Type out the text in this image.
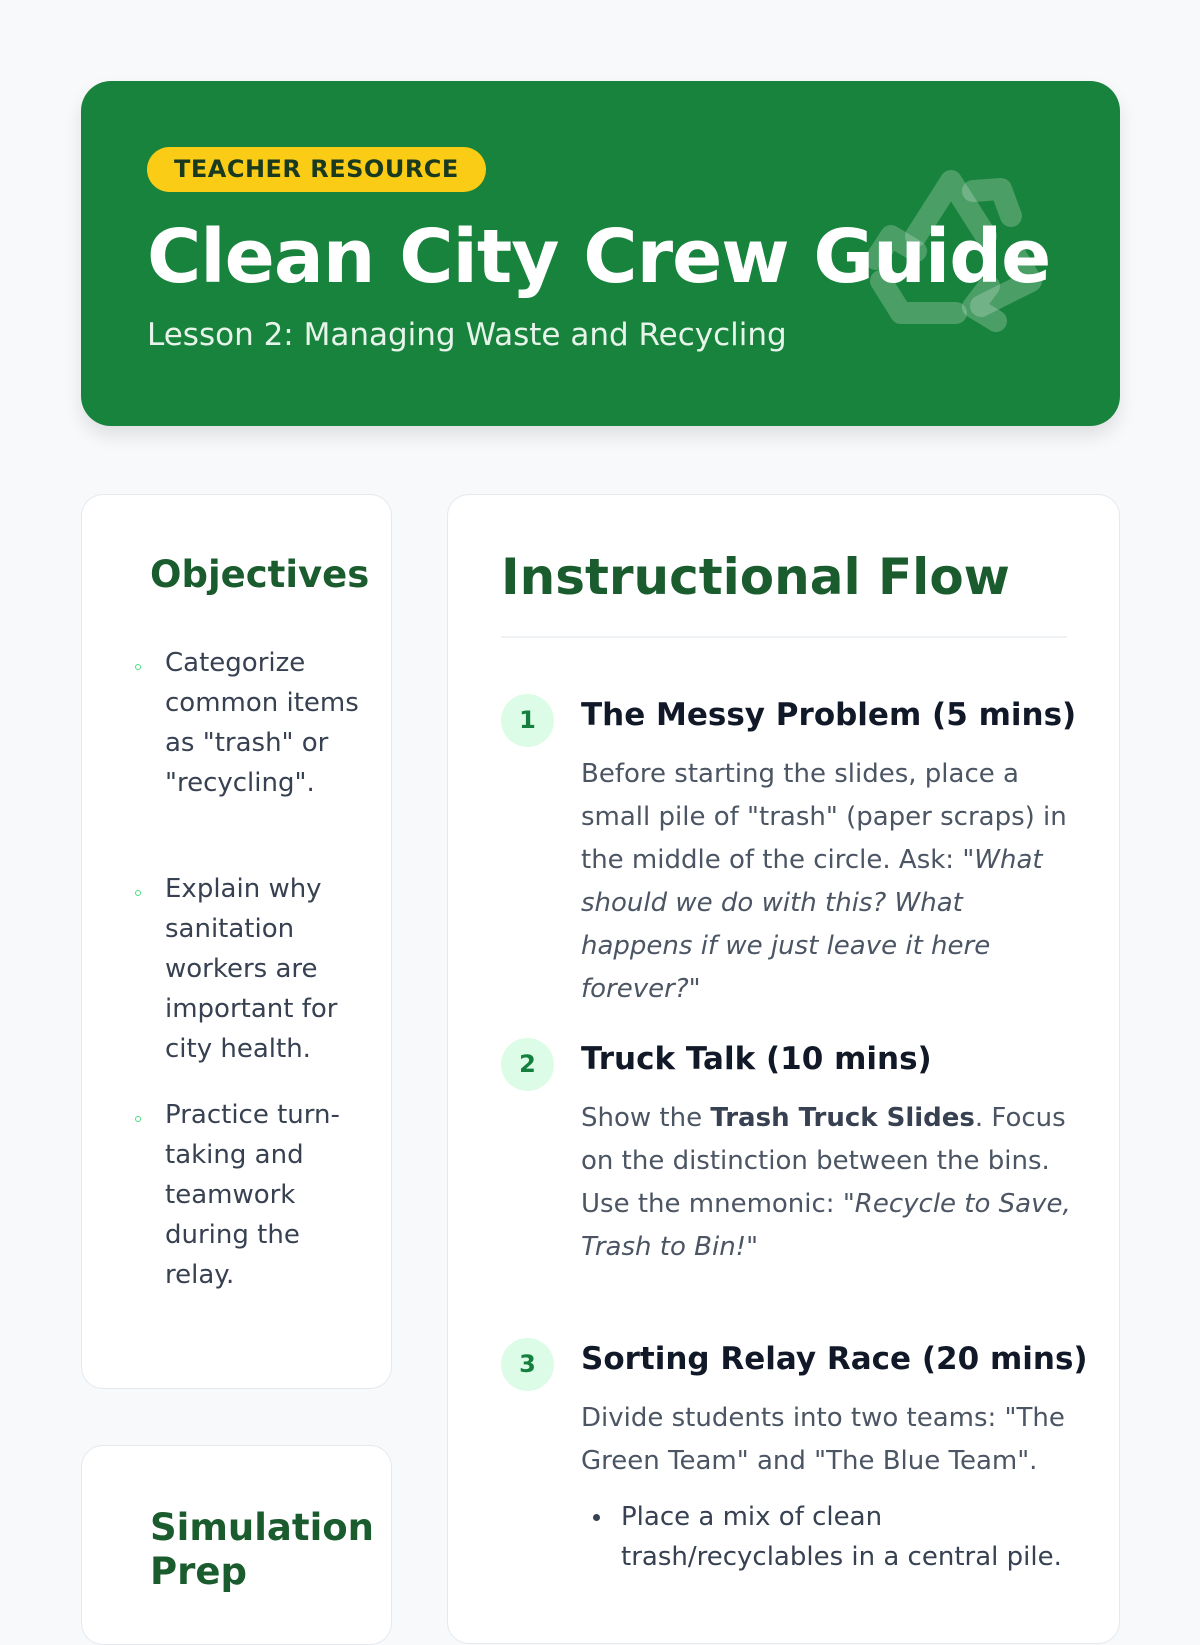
TEACHER RESOURCE
Clean City Crew Guide
Lesson 2: Managing Waste and Recycling
Objectives
Categorize common items as "trash" or "recycling".
Explain why sanitation workers are important for city health.
Practice turn-taking and teamwork during the relay.
Simulation Prep
Instructional Flow
1	The Messy Problem (5 mins)
Before starting the slides, place a small pile of "trash" (paper scraps) in the middle of the circle. Ask: "What should we do with this? What happens if we just leave it here forever?"
2	Truck Talk (10 mins)
Show the Trash Truck Slides. Focus on the distinction between the bins. Use the mnemonic: "Recycle to Save, Trash to Bin!"
3	Sorting Relay Race (20 mins)
Divide students into two teams: "The Green Team" and "The Blue Team".
Place a mix of clean trash/recyclables in a central pile.
